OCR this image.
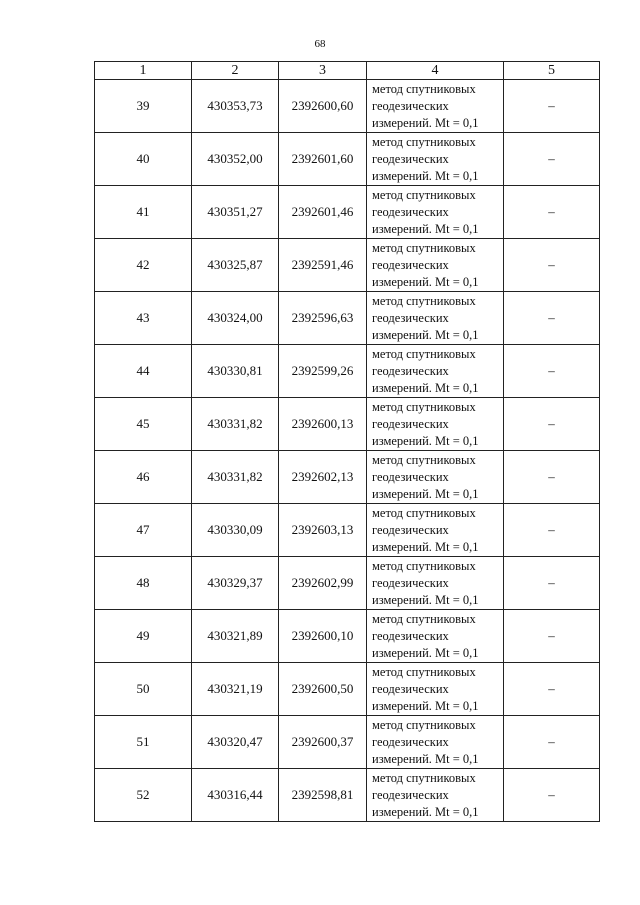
68
1	2	3	4	5
39	430353,73	2392600,60	метод спутниковых
геодезических
измерений. Mt = 0,1	–
40	430352,00	2392601,60	метод спутниковых
геодезических
измерений. Mt = 0,1	–
41	430351,27	2392601,46	метод спутниковых
геодезических
измерений. Mt = 0,1	–
42	430325,87	2392591,46	метод спутниковых
геодезических
измерений. Mt = 0,1	–
43	430324,00	2392596,63	метод спутниковых
геодезических
измерений. Mt = 0,1	–
44	430330,81	2392599,26	метод спутниковых
геодезических
измерений. Mt = 0,1	–
45	430331,82	2392600,13	метод спутниковых
геодезических
измерений. Mt = 0,1	–
46	430331,82	2392602,13	метод спутниковых
геодезических
измерений. Mt = 0,1	–
47	430330,09	2392603,13	метод спутниковых
геодезических
измерений. Mt = 0,1	–
48	430329,37	2392602,99	метод спутниковых
геодезических
измерений. Mt = 0,1	–
49	430321,89	2392600,10	метод спутниковых
геодезических
измерений. Mt = 0,1	–
50	430321,19	2392600,50	метод спутниковых
геодезических
измерений. Mt = 0,1	–
51	430320,47	2392600,37	метод спутниковых
геодезических
измерений. Mt = 0,1	–
52	430316,44	2392598,81	метод спутниковых
геодезических
измерений. Mt = 0,1	–
